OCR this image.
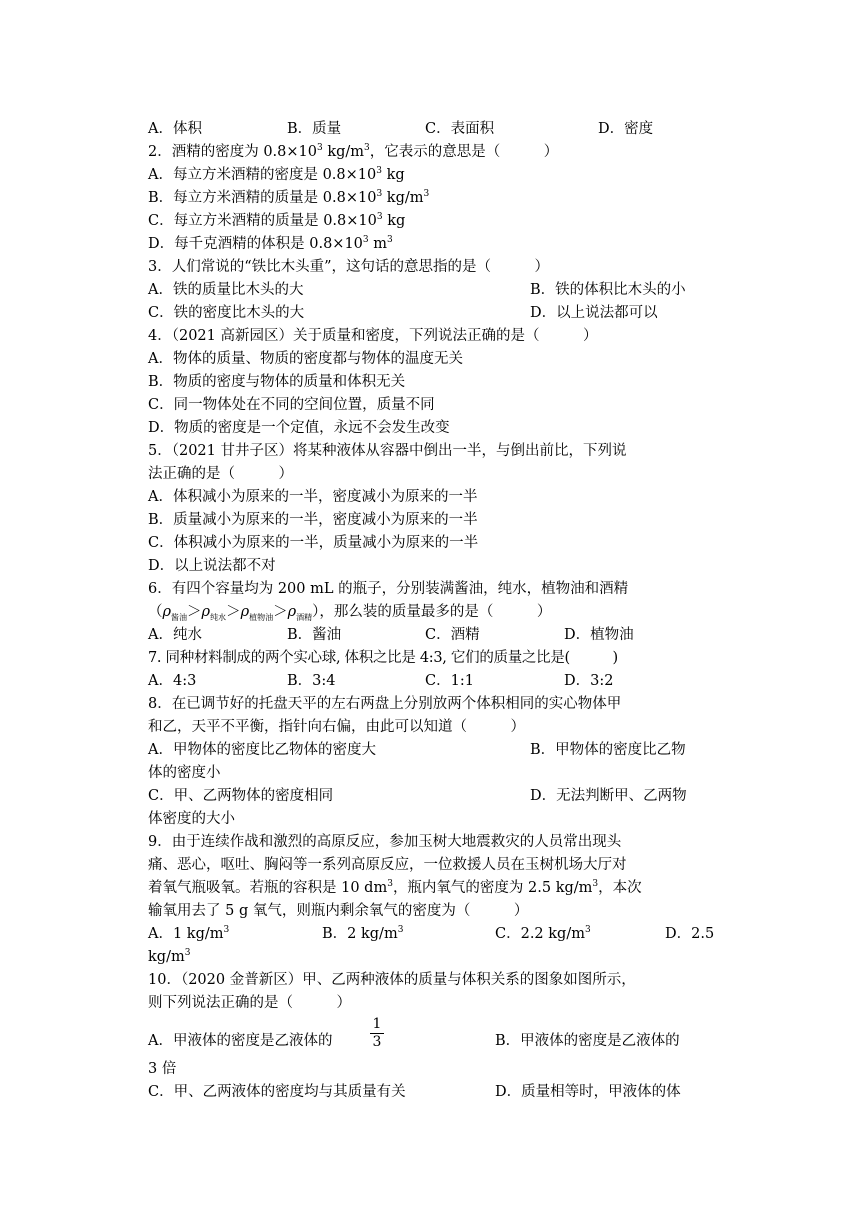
A．体积	B．质量	C．表面积	D．密度
2．酒精的密度为 $0.8\times 10^3$ $kg/m^3$，它表示的意思是（　　　）
A．每立方米酒精的密度是 $0.8\times 10^3$ kg
B．每立方米酒精的质量是 $0.8\times 10^3$ $kg/m^3$
C．每立方米酒精的质量是 $0.8\times 10^3$ kg
D．每千克酒精的体积是 $0.8\times 10^3$ $m^3$
3．人们常说的“铁比木头重”，这句话的意思指的是（　　　）
A．铁的质量比木头的大	B．铁的体积比木头的小
C．铁的密度比木头的大	D．以上说法都可以
4．（2021 高新园区）关于质量和密度，下列说法正确的是（　　　）
A．物体的质量、物质的密度都与物体的温度无关
B．物质的密度与物体的质量和体积无关
C．同一物体处在不同的空间位置，质量不同
D．物质的密度是一个定值，永远不会发生改变
5．（2021 甘井子区）将某种液体从容器中倒出一半，与倒出前比，下列说
法正确的是（　　　）
A．体积减小为原来的一半，密度减小为原来的一半
B．质量减小为原来的一半，密度减小为原来的一半
C．体积减小为原来的一半，质量减小为原来的一半
D．以上说法都不对
6．有四个容量均为 200 mL 的瓶子，分别装满酱油，纯水，植物油和酒精
$(\rho_{酱油}>\rho_{纯水}>\rho_{植物油}>\rho_{酒精})$，那么装的质量最多的是（　　　）
A．纯水	B．酱油	C．酒精	D．植物油
7. 同种材料制成的两个实心球, 体积之比是 4:3, 它们的质量之比是(　　　)
A．4:3	B．3:4	C．1:1	D．3:2
8．在已调节好的托盘天平的左右两盘上分别放两个体积相同的实心物体甲
和乙，天平不平衡，指针向右偏，由此可以知道（　　　）
A．甲物体的密度比乙物体的密度大	B．甲物体的密度比乙物
体的密度小
C．甲、乙两物体的密度相同	D．无法判断甲、乙两物
体密度的大小
9．由于连续作战和激烈的高原反应，参加玉树大地震救灾的人员常出现头
痛、恶心，呕吐、胸闷等一系列高原反应，一位救援人员在玉树机场大厅对
着氧气瓶吸氧。若瓶的容积是 10 $dm^3$，瓶内氧气的密度为 2.5 $kg/m^3$，本次
输氧用去了 5 g 氧气，则瓶内剩余氧气的密度为（　　　）
A．1 $kg/m^3$	B．2 $kg/m^3$	C．2.2 $kg/m^3$	D．2.5
$kg/m^3$
10．（2020 金普新区）甲、乙两种液体的质量与体积关系的图象如图所示，
则下列说法正确的是（　　　）
A．甲液体的密度是乙液体的	$\frac{1}{3}$	B．甲液体的密度是乙液体的
3 倍
C．甲、乙两液体的密度均与其质量有关	D．质量相等时，甲液体的体
